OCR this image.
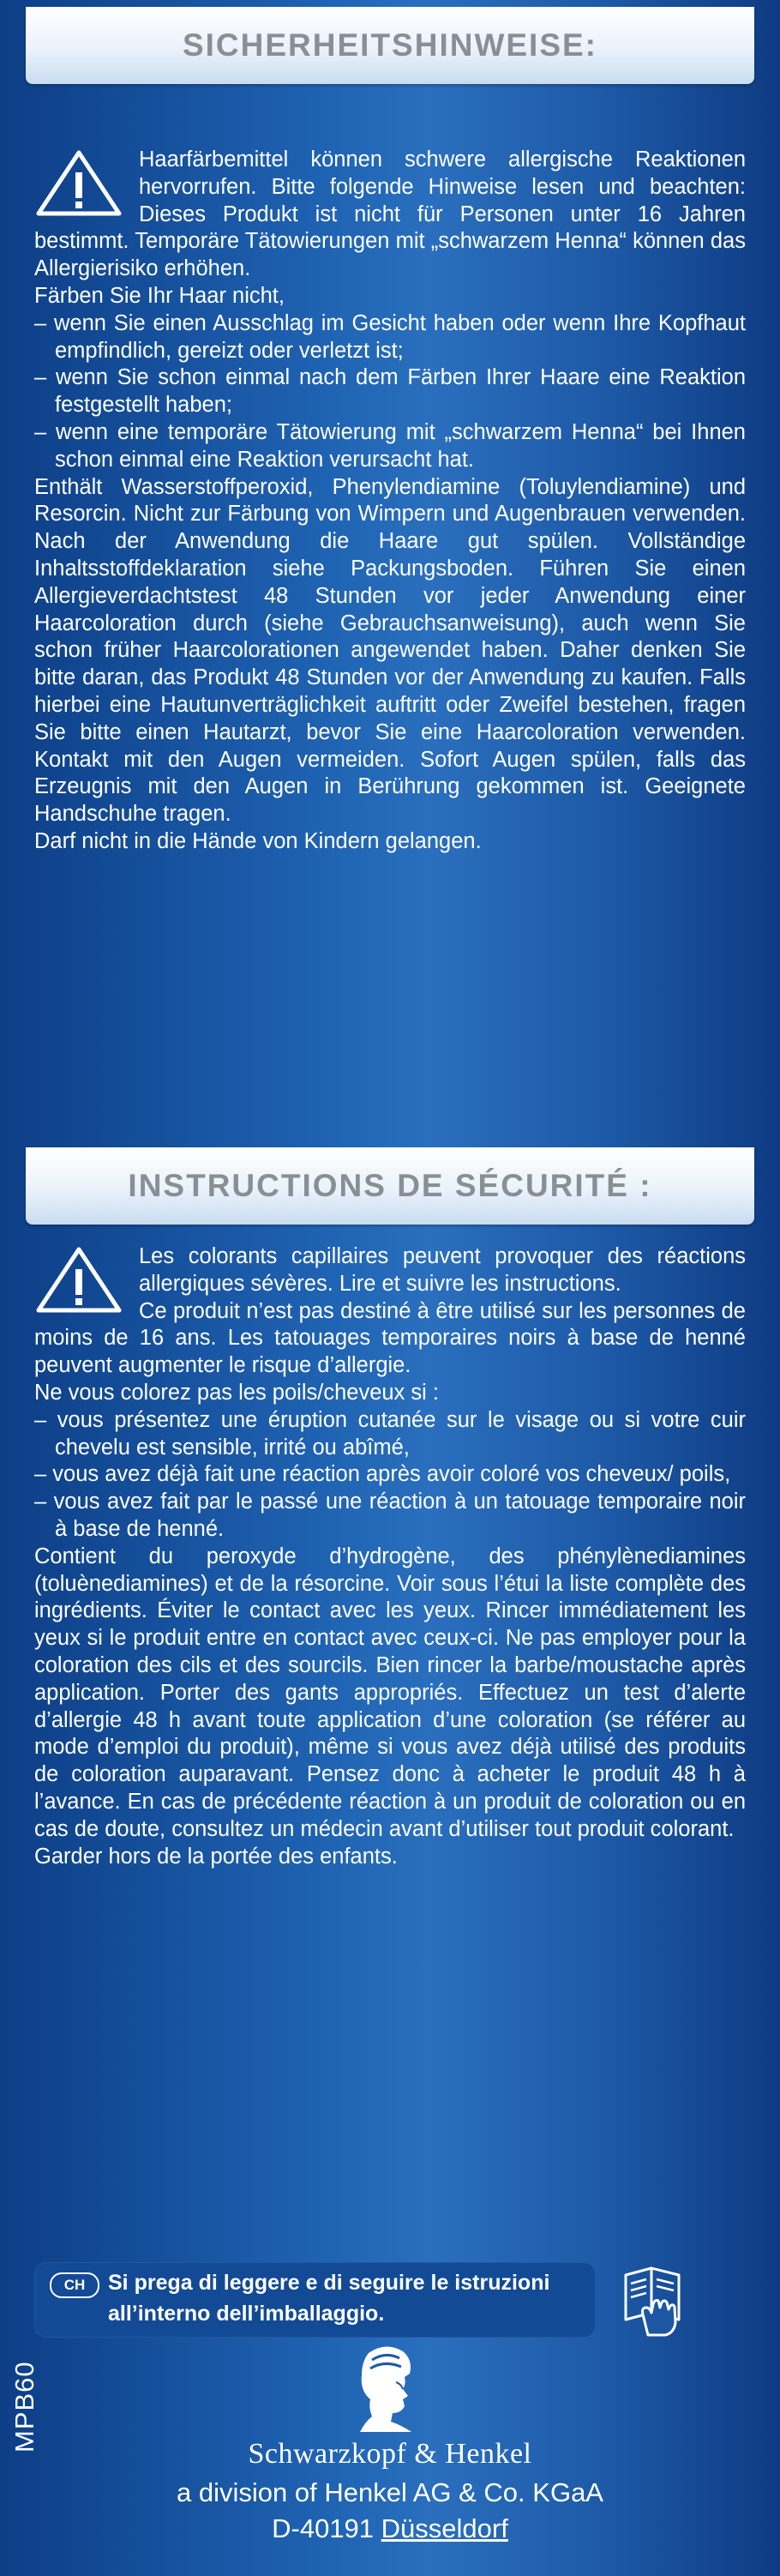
SICHERHEITSHINWEISE:

Haarfärbemittel können schwere allergische Reaktionen hervorrufen. Bitte folgende Hinweise lesen und beachten: Dieses Produkt ist nicht für Personen unter 16 Jahren bestimmt. Temporäre Tätowierungen mit „schwarzem Henna“ können das Allergierisiko erhöhen.

Färben Sie Ihr Haar nicht,

– wenn Sie einen Ausschlag im Gesicht haben oder wenn Ihre Kopfhaut empfindlich, gereizt oder verletzt ist;

– wenn Sie schon einmal nach dem Färben Ihrer Haare eine Reaktion festgestellt haben;

– wenn eine temporäre Tätowierung mit „schwarzem Henna“ bei Ihnen schon einmal eine Reaktion verursacht hat.

Enthält Wasserstoffperoxid, Phenylendiamine (Toluylendiamine) und Resorcin. Nicht zur Färbung von Wimpern und Augenbrauen verwenden. Nach der Anwendung die Haare gut spülen. Vollständige Inhaltsstoffdeklaration siehe Packungsboden. Führen Sie einen Allergieverdachtstest 48 Stunden vor jeder Anwendung einer Haarcoloration durch (siehe Gebrauchsanweisung), auch wenn Sie schon früher Haarcolorationen angewendet haben. Daher denken Sie bitte daran, das Produkt 48 Stunden vor der Anwendung zu kaufen. Falls hierbei eine Hautunverträglichkeit auftritt oder Zweifel bestehen, fragen Sie bitte einen Hautarzt, bevor Sie eine Haarcoloration verwenden. Kontakt mit den Augen vermeiden. Sofort Augen spülen, falls das Erzeugnis mit den Augen in Berührung gekommen ist. Geeignete Handschuhe tragen.

Darf nicht in die Hände von Kindern gelangen.

INSTRUCTIONS DE SÉCURITÉ :

Les colorants capillaires peuvent provoquer des réactions allergiques sévères. Lire et suivre les instructions.

Ce produit n’est pas destiné à être utilisé sur les personnes de moins de 16 ans. Les tatouages temporaires noirs à base de henné peuvent augmenter le risque d’allergie.

Ne vous colorez pas les poils/cheveux si :

– vous présentez une éruption cutanée sur le visage ou si votre cuir chevelu est sensible, irrité ou abîmé,

– vous avez déjà fait une réaction après avoir coloré vos cheveux/ poils,

– vous avez fait par le passé une réaction à un tatouage temporaire noir à base de henné.

Contient du peroxyde d’hydrogène, des phénylènediamines (toluènediamines) et de la résorcine. Voir sous l’étui la liste complète des ingrédients. Éviter le contact avec les yeux. Rincer immédiatement les yeux si le produit entre en contact avec ceux-ci. Ne pas employer pour la coloration des cils et des sourcils. Bien rincer la barbe/moustache après application. Porter des gants appropriés. Effectuez un test d’alerte d’allergie 48 h avant toute application d’une coloration (se référer au mode d’emploi du produit), même si vous avez déjà utilisé des produits de coloration auparavant. Pensez donc à acheter le produit 48 h à l’avance. En cas de précédente réaction à un produit de coloration ou en cas de doute, consultez un médecin avant d’utiliser tout produit colorant.

Garder hors de la portée des enfants.

CH	Si prega di leggere e di seguire le istruzioni all’interno dell’imballaggio.
MPB60
Schwarzkopf & Henkel
a division of Henkel AG & Co. KGaA
D-40191 Düsseldorf
